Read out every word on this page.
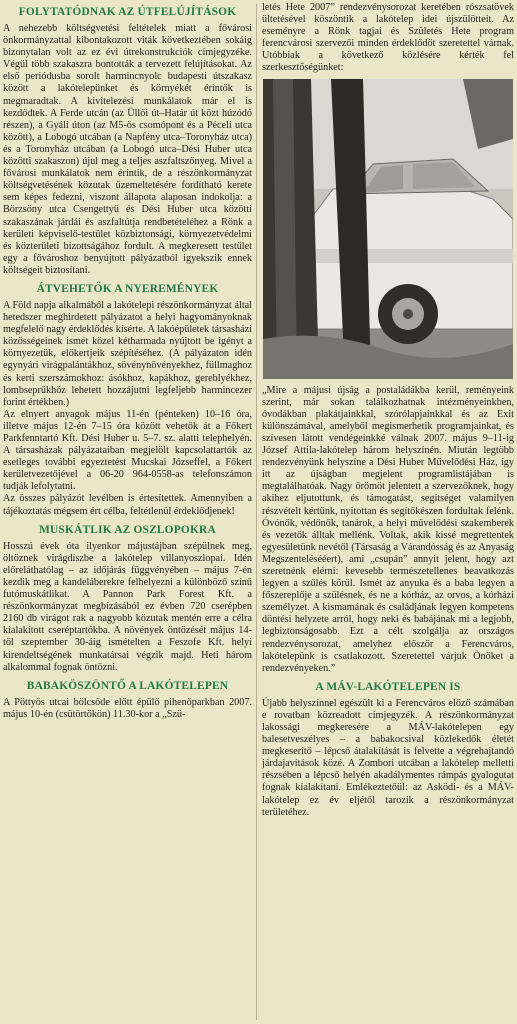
FOLYTATÓDNAK AZ ÚTFELÚJÍTÁSOK

A nehezebb költségvetési feltételek miatt a fővárosi önkormányzattal kibontakozott viták következtében sokáig bizonytalan volt az ez évi útrekonstrukciók címjegyzéke. Végül több szakaszra bontották a tervezett felújításokat. Az első periódusba sorolt harmincnyolc budapesti útszakasz között a lakótelepünket és környékét érintők is megmaradtak. A kivitelezési munkálatok már el is kezdődtek. A Ferde utcán (az Üllői út–Határ út közt húzódó részen), a Gyáli úton (az M5-ös csomópont és a Péceli utca között), a Lobogó utcában (a Napfény utca–Toronyház utca) és a Toronyház utcában (a Lobogó utca–Dési Huber utca közötti szakaszon) újul meg a teljes aszfaltszőnyeg. Mivel a fővárosi munkálatok nem érintik, de a részönkormányzat költségvetésének közutak üzemeltetésére fordítható kerete sem képes fedezni, viszont állapota alaposan indokolja: a Börzsöny utca Csengettyű és Dési Huber utca közötti szakaszának járdái és aszfaltútja rendbetételéhez a Rönk a kerületi képviselő-testület közbiztonsági, környezetvédelmi és közterületi bizottságához fordult. A megkeresett testület egy a fővároshoz benyújtott pályázatból igyekszik ennek költségeit biztosítani.

ÁTVEHETŐK A NYEREMÉNYEK

A Föld napja alkalmából a lakótelepi részönkormányzat által hetedszer meghirdetett pályázatot a helyi hagyományoknak megfelelő nagy érdeklődés kísérte. A lakóépületek társasházi közösségeinek ismét közel kétharmada nyújtott be igényt a környezetük, előkertjeik szépítéséhez. (A pályázaton idén egynyári virágpalántákhoz, sövénynövényekhez, füllmaghoz és kerti szerszámokhoz: ásókhoz, kapákhoz, gereblyékhez, lombseprűkhöz lehetett hozzájutni legfeljebb harmincezer forint értékben.)

Az elnyert anyagok május 11-én (pénteken) 10–16 óra, illetve május 12-én 7–15 óra között vehetők át a Főkert Parkfenntartó Kft. Dési Huber u. 5–7. sz. alatti telephelyén. A társasházak pályázataiban megjelölt kapcsolattartók az esetleges további egyeztetést Mucskai Józseffel, a Főkert kerületvezetőjével a 06-20 964-0558-as telefonszámon tudják lefolytatni.

Az összes pályázót levélben is értesítettek. Amennyiben a tájékoztatás mégsem ért célba, feltétlenül érdeklődjenek!

MUSKÁTLIK AZ OSZLOPOKRA

Hosszú évek óta ilyenkor májustájban szépülnek meg, öltöznek virágdíszbe a lakótelep villanyoszlopai. Idén előreláthatólag – az időjárás függvényében – május 7-én kezdik meg a kandeláberekre felhelyezni a különböző színű futómuskátlikat. A Pannon Park Forest Kft. a részönkormányzat megbízásából ez évben 720 cserépben 2160 db virágot rak a nagyobb közutak mentén erre a célra kialakított cseréptartókba. A növények öntözését május 14-től szeptember 30-áig ismételten a Feszofe Kft. helyi kirendeltségének munkatársai végzik majd. Heti három alkalommal fognak öntözni.

BABAKÖSZÖNTŐ A LAKÓTELEPEN

A Pöttyös utcai bölcsőde előtt épülő pihenőparkban 2007. május 10-én (csütörtökön) 11.30-kor a „Szü-

letés Hete 2007” rendezvénysorozat keretében rószsatövek ültetésével köszöntik a lakótelep idei újszülötteit. Az eseményre a Rönk tagjai és Születés Hete program ferencvárosi szervezői minden érdeklődőt szeretettel várnak. Utóbbiak a következő közlésére kérték fel szerkesztőségünket:

„Mire a májusi újság a postaládákba kerül, reményeink szerint, már sokan találkozhatnak intézményeinkben, óvodákban plakátjainkkal, szórólapjainkkal és az Exit különszámával, amelyből megismerhetik programjainkat, és szívesen látott vendégeinkké válnak 2007. május 9–11-ig József Attila-lakótelep három helyszínén. Miután legtöbb rendezvényünk helyszíne a Dési Huber Művelődési Ház, így itt az újságban megjelent programlistájában is megtalálhatóak. Nagy örömöt jelentett a szervezőknek, hogy akihez eljutottunk, és támogatást, segítséget valamilyen részvételt kértünk, nyitottan és segítőkészen fordultak felénk. Óvónők, védőnők, tanárok, a helyi művelődési szakemberek és vezetők álltak mellénk. Voltak, akik kissé megrettentek egyesületünk nevétől (Társaság a Várandósság és az Anyaság Megszentelésééert), ami „csupán” annyit jelent, hogy azt szeretnénk elérni: kevesebb természetellenes beavatkozás legyen a szülés körül. Ismét az anyuka és a baba legyen a főszereplője a szülésnek, és ne a kórház, az orvos, a kórházi személyzet. A kismamának és családjának legyen kompetens döntési helyzete arról, hogy neki és babájának mi a legjobb, legbiztonságosabb. Ezt a célt szolgálja az országos rendezvénysorozat, amelyhez először a Ferencváros, lakótelepünk is csatlakozott. Szeretettel várjuk Önöket a rendezvényeken.”

A MÁV-LAKÓTELEPEN IS

Újabb helyszínnel egészült ki a Ferencváros előző számában e rovatban közreadott címjegyzék. A részönkormányzat lakossági megkeresére a MÁV-lakótelepen egy balesetveszélyes – a babakocsival közlekedők életét megkeserítő – lépcső átalakítását is felvette a végrehajtandó járdajavítások közé. A Zombori utcában a lakótelep melletti részsében a lépcső helyén akadálymentes rámpás gyalogutat fognak kialakítani. Emlékeztetőül: az Asködi- és a MÁV-lakótelep ez év eljétől tarozik a részönkormányzat területéhez.
